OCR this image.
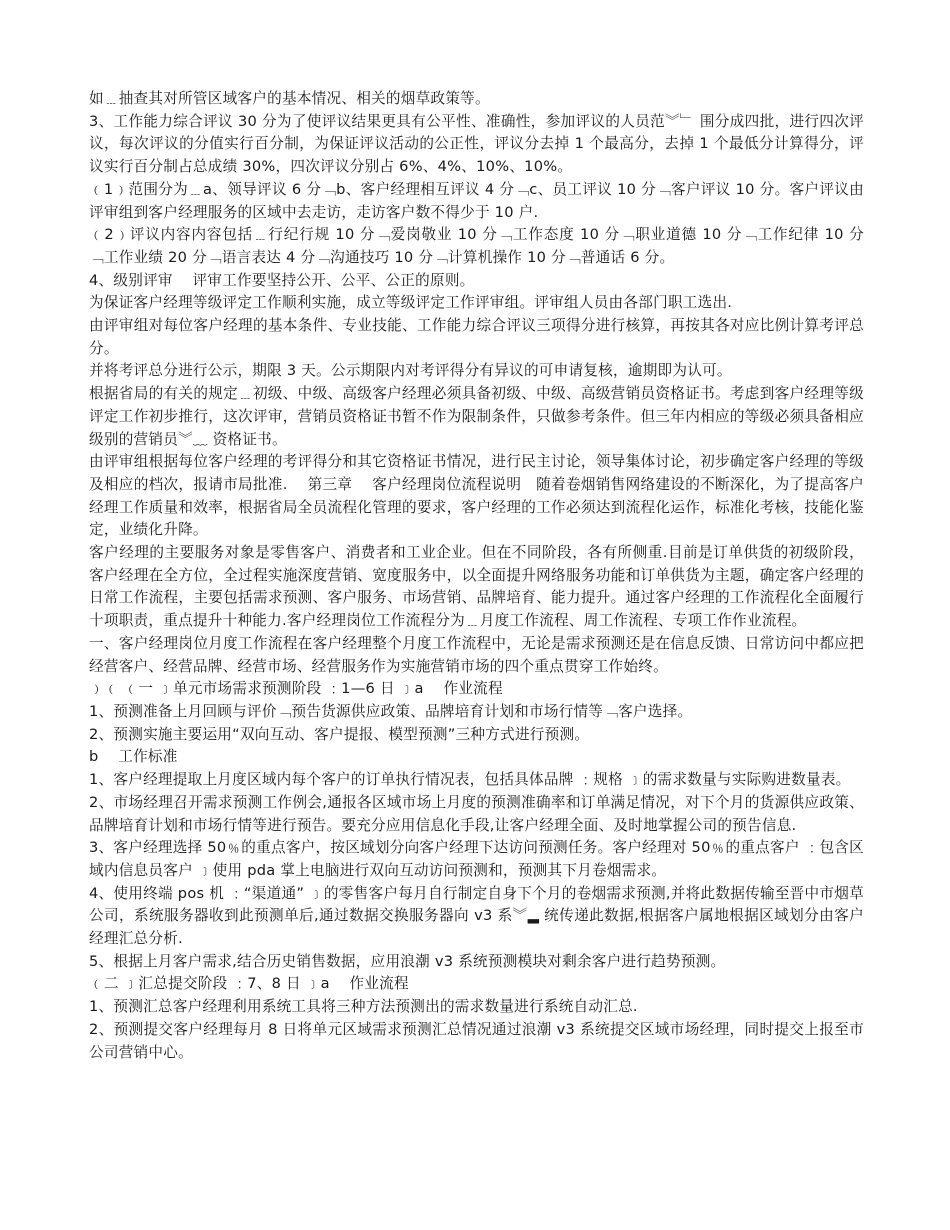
如﹍抽查其对所管区域客户的基本情况、相关的烟草政策等。

3、工作能力综合评议 30 分为了使评议结果更具有公平性、准确性，参加评议的人员范︾﹂ 围分成四批，进行四次评议，每次评议的分值实行百分制，为保证评议活动的公正性，评议分去掉 1 个最高分，去掉 1 个最低分计算得分，评议实行百分制占总成绩 30%，四次评议分别占 6%、4%、10%、10%。

﹙1﹚范围分为﹍a、领导评议 6 分﹁b、客户经理相互评议 4 分﹁c、员工评议 10 分﹁客户评议 10 分。客户评议由评审组到客户经理服务的区域中去走访，走访客户数不得少于 10 户.

﹙2﹚评议内容内容包括﹍行纪行规 10 分﹁爱岗敬业 10 分﹁工作态度 10 分﹁职业道德 10 分﹁工作纪律 10 分﹁工作业绩 20 分﹁语言表达 4 分﹁沟通技巧 10 分﹁计算机操作 10 分﹁普通话 6 分。

4、级别评审　 评审工作要坚持公开、公平、公正的原则。

为保证客户经理等级评定工作顺利实施，成立等级评定工作评审组。评审组人员由各部门职工选出.

由评审组对每位客户经理的基本条件、专业技能、工作能力综合评议三项得分进行核算，再按其各对应比例计算考评总分。

并将考评总分进行公示，期限 3 天。公示期限内对考评得分有异议的可申请复核，逾期即为认可。

根据省局的有关的规定﹍初级、中级、高级客户经理必须具备初级、中级、高级营销员资格证书。考虑到客户经理等级评定工作初步推行，这次评审，营销员资格证书暂不作为限制条件，只做参考条件。但三年内相应的等级必须具备相应级别的营销员︾﹏ 资格证书。

由评审组根据每位客户经理的考评得分和其它资格证书情况，进行民主讨论，领导集体讨论，初步确定客户经理的等级及相应的档次，报请市局批准.　 第三章　 客户经理岗位流程说明　随着卷烟销售网络建设的不断深化，为了提高客户经理工作质量和效率，根据省局全员流程化管理的要求，客户经理的工作必须达到流程化运作，标准化考核，技能化鉴定，业绩化升降。

客户经理的主要服务对象是零售客户、消费者和工业企业。但在不同阶段，各有所侧重.目前是订单供货的初级阶段，客户经理在全方位，全过程实施深度营销、宽度服务中，以全面提升网络服务功能和订单供货为主题，确定客户经理的日常工作流程，主要包括需求预测、客户服务、市场营销、品牌培育、能力提升。通过客户经理的工作流程化全面履行十项职责，重点提升十种能力.客户经理岗位工作流程分为﹍月度工作流程、周工作流程、专项工作作业流程。

一、客户经理岗位月度工作流程在客户经理整个月度工作流程中，无论是需求预测还是在信息反馈、日常访问中都应把经营客户、经营品牌、经营市场、经营服务作为实施营销市场的四个重点贯穿工作始终。

﹚﹙ ﹙一 ﹞单元市场需求预测阶段 ﹕1—6 日 ﹞a　 作业流程

1、预测准备上月回顾与评价﹁预告货源供应政策、品牌培育计划和市场行情等﹁客户选择。

2、预测实施主要运用“双向互动、客户提报、模型预测”三种方式进行预测。

b　 工作标准

1、客户经理提取上月度区域内每个客户的订单执行情况表，包括具体品牌 ﹕规格 ﹞的需求数量与实际购进数量表。

2、市场经理召开需求预测工作例会,通报各区域市场上月度的预测准确率和订单满足情况，对下个月的货源供应政策、品牌培育计划和市场行情等进行预告。要充分应用信息化手段,让客户经理全面、及时地掌握公司的预告信息.

3、客户经理选择 50﹪的重点客户，按区域划分向客户经理下达访问预测任务。客户经理对 50﹪的重点客户 ﹕包含区域内信息员客户 ﹞使用 pda 掌上电脑进行双向互动访问预测和，预测其下月卷烟需求。

4、使用终端 pos 机 ﹕“渠道通” ﹞的零售客户每月自行制定自身下个月的卷烟需求预测,并将此数据传输至晋中市烟草公司，系统服务器收到此预测单后,通过数据交换服务器向 v3 系︾▂ 统传递此数据,根据客户属地根据区域划分由客户经理汇总分析.

5、根据上月客户需求,结合历史销售数据，应用浪潮 v3 系统预测模块对剩余客户进行趋势预测。

﹙二 ﹞汇总提交阶段 ﹕7、8 日 ﹞a　 作业流程

1、预测汇总客户经理利用系统工具将三种方法预测出的需求数量进行系统自动汇总.

2、预测提交客户经理每月 8 日将单元区域需求预测汇总情况通过浪潮 v3 系统提交区域市场经理，同时提交上报至市公司营销中心。
